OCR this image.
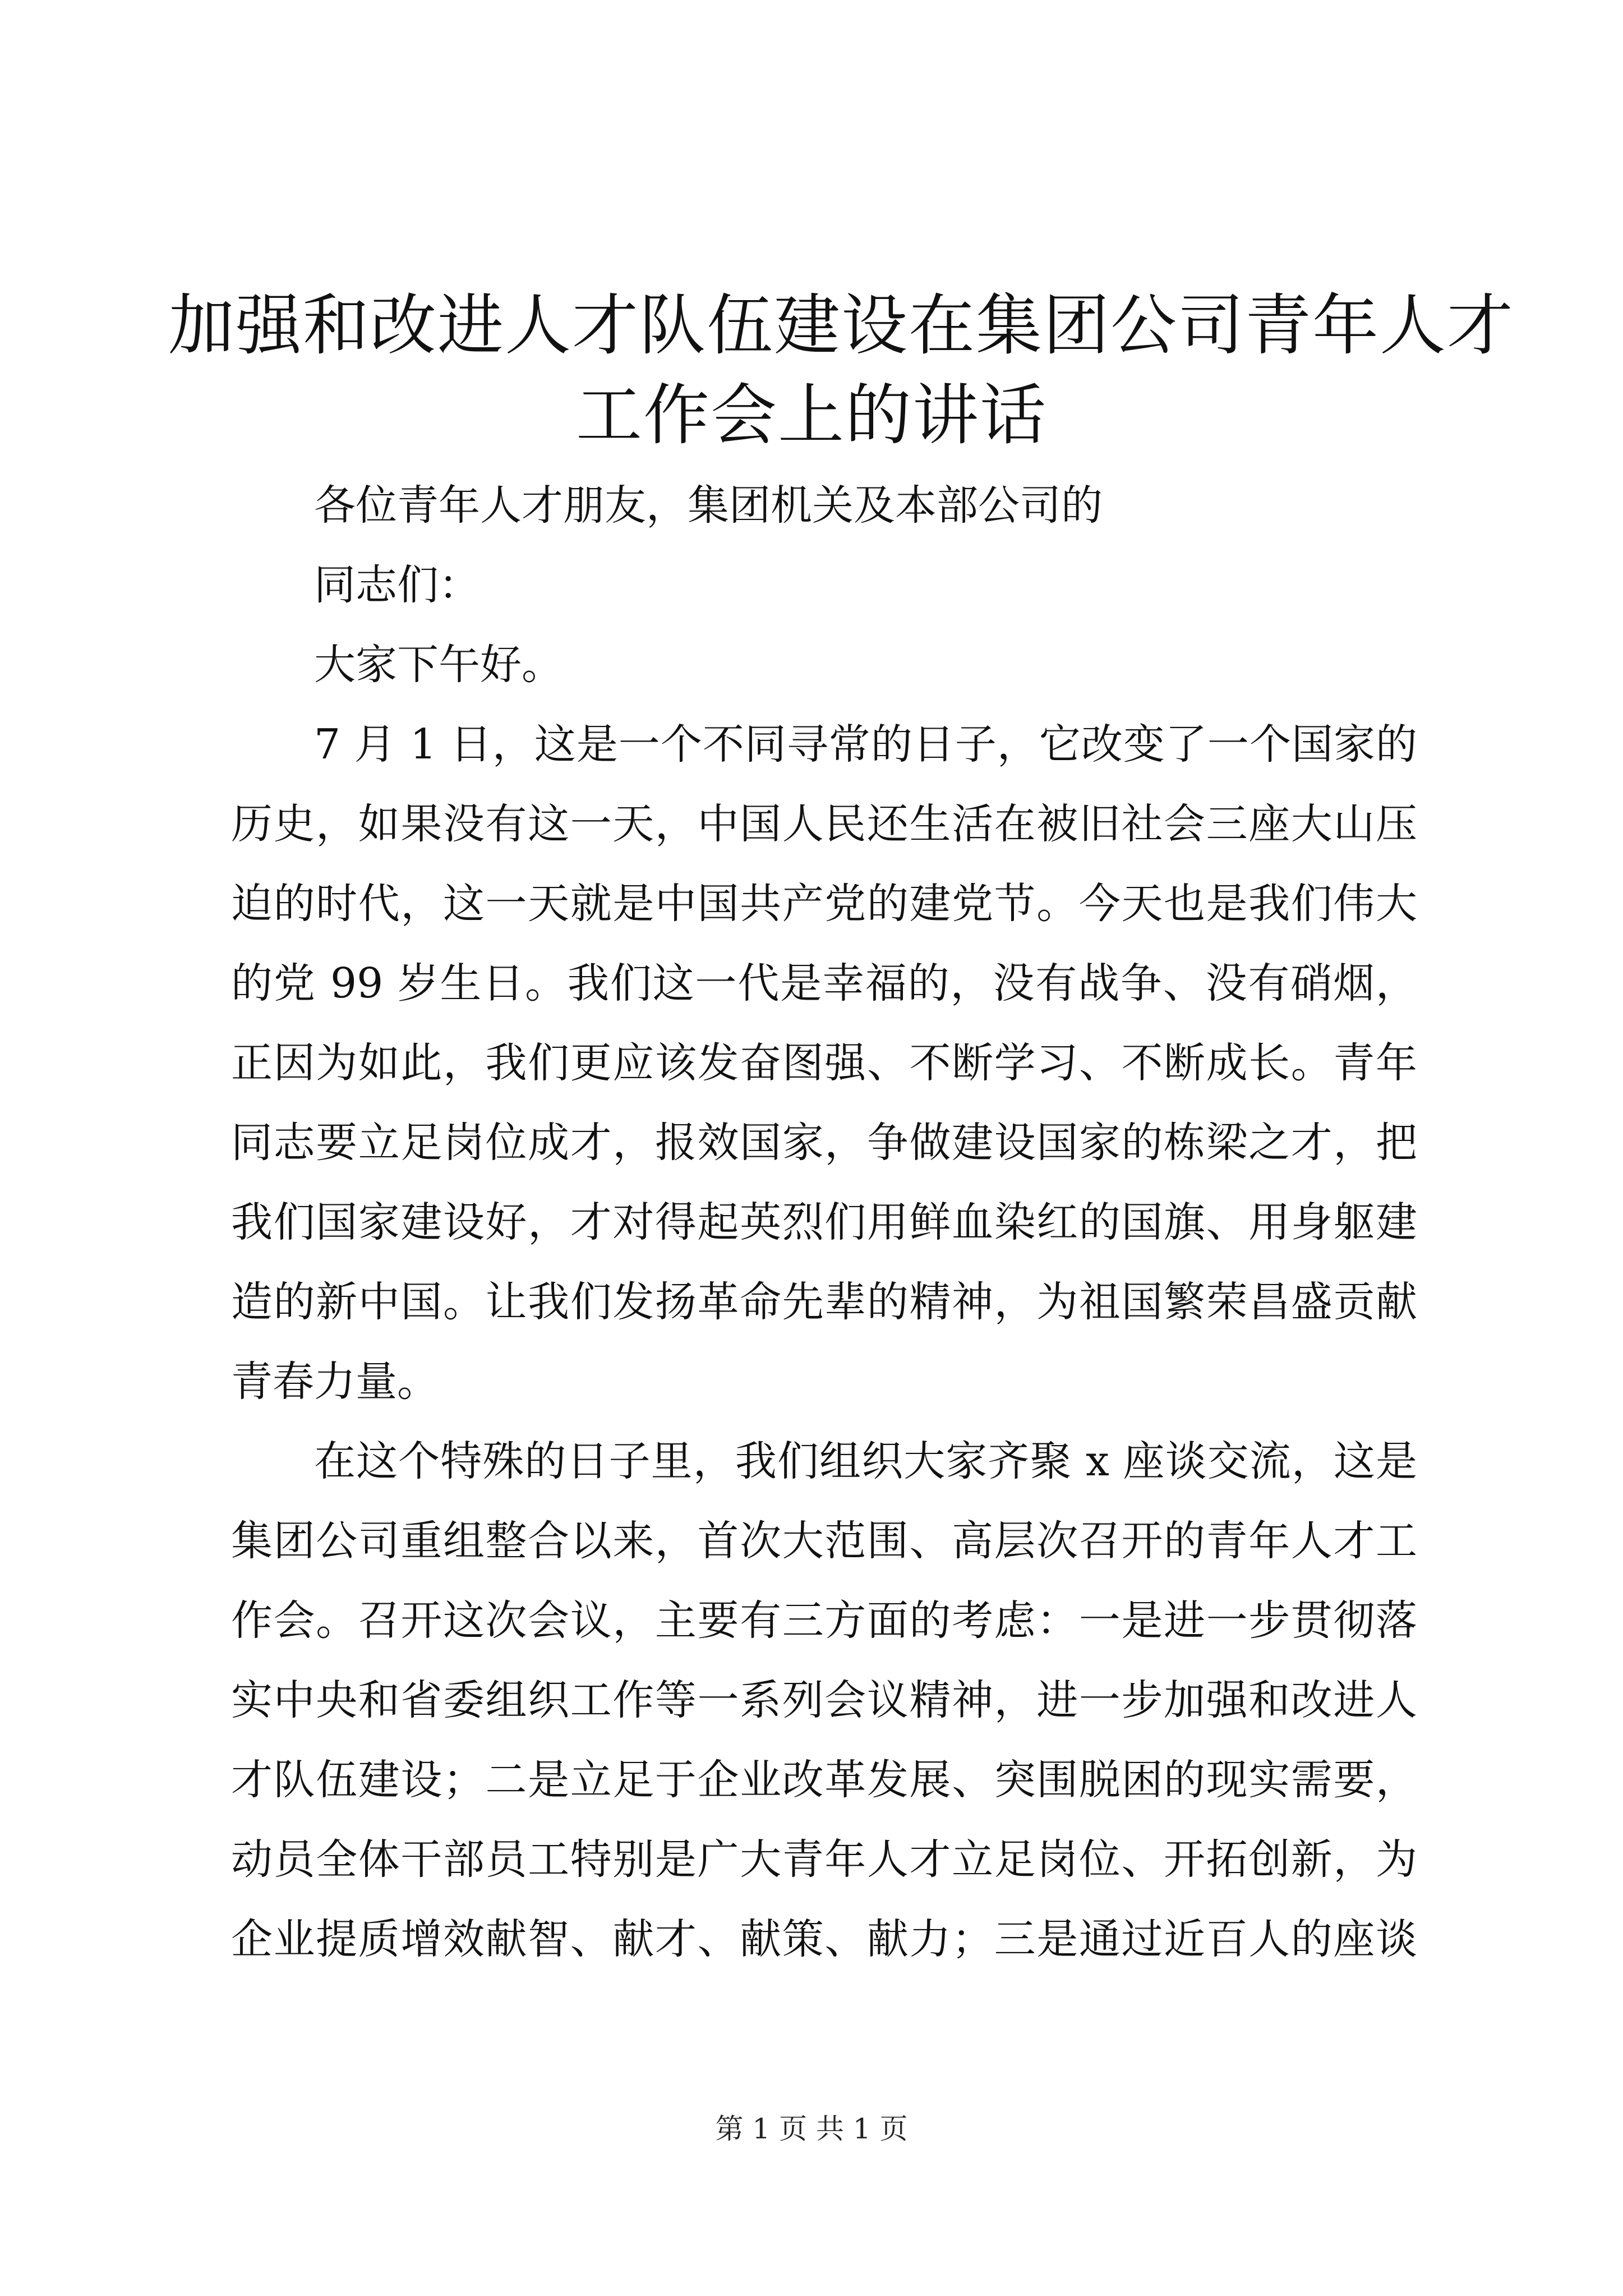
加强和改进人才队伍建设在集团公司青年人才
工作会上的讲话

各位青年人才朋友，集团机关及本部公司的

同志们：

大家下午好。

7 月 1 日，这是一个不同寻常的日子，它改变了一个国家的
历史，如果没有这一天，中国人民还生活在被旧社会三座大山压
迫的时代，这一天就是中国共产党的建党节。今天也是我们伟大
的党 99 岁生日。我们这一代是幸福的，没有战争、没有硝烟，
正因为如此，我们更应该发奋图强、不断学习、不断成长。青年
同志要立足岗位成才，报效国家，争做建设国家的栋梁之才，把
我们国家建设好，才对得起英烈们用鲜血染红的国旗、用身躯建
造的新中国。让我们发扬革命先辈的精神，为祖国繁荣昌盛贡献
青春力量。
在这个特殊的日子里，我们组织大家齐聚 x 座谈交流，这是
集团公司重组整合以来，首次大范围、高层次召开的青年人才工
作会。召开这次会议，主要有三方面的考虑：一是进一步贯彻落
实中央和省委组织工作等一系列会议精神，进一步加强和改进人
才队伍建设；二是立足于企业改革发展、突围脱困的现实需要，
动员全体干部员工特别是广大青年人才立足岗位、开拓创新，为
企业提质增效献智、献才、献策、献力；三是通过近百人的座谈
第 1 页 共 1 页
